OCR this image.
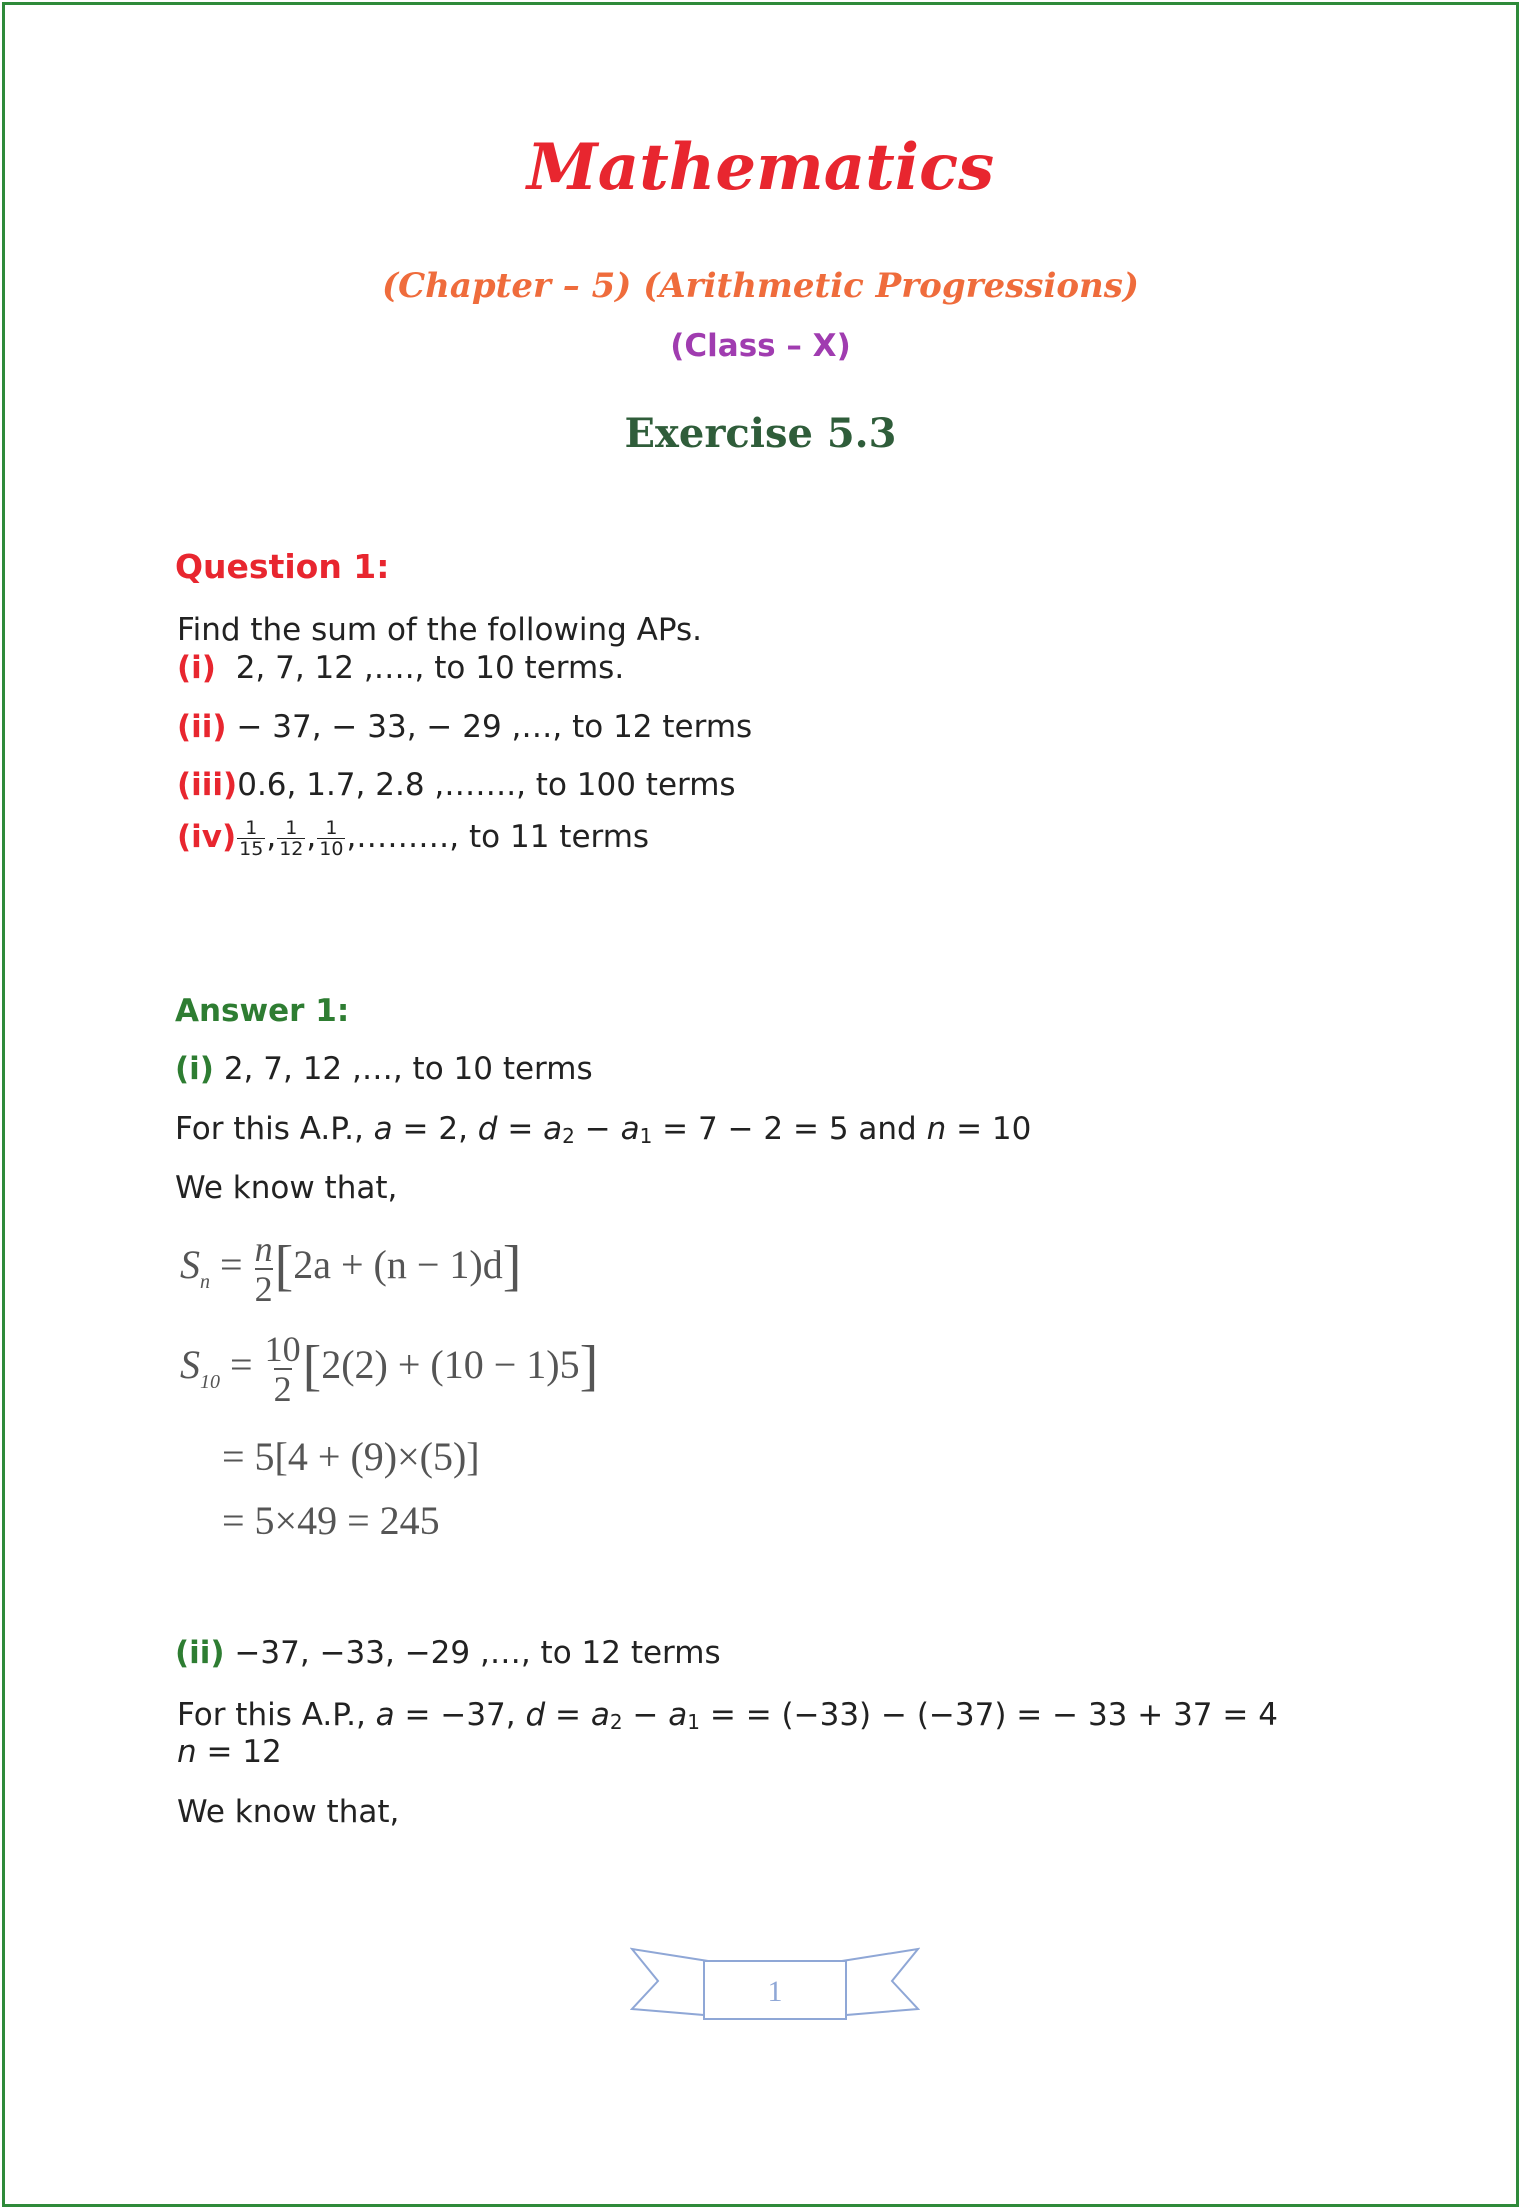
Mathematics
(Chapter – 5) (Arithmetic Progressions)
(Class – X)
Exercise 5.3
Question 1:
Find the sum of the following APs.
(i) 2, 7, 12 ,…., to 10 terms.
(ii) − 37, − 33, − 29 ,…, to 12 terms
(iii)0.6, 1.7, 2.8 ,……., to 100 terms
$(iv) \frac{1}{15}$ , $\frac{1}{12}$ , $\frac{1}{10}$ ,………, to 11 terms
Answer 1:
(i) 2, 7, 12 ,…, to 10 terms
For this A.P., a = 2, $d = a_2 - a_1 = 7 - 2 = 5$ and n = 10
We know that,
$S_n = \frac{n}{2} [2a + (n - 1)d]$
$S_{10} = \frac{10}{2} [2(2) + (10 - 1)5]$
= 5[4 + (9)×(5)]
= 5×49 = 245
(ii) −37, −33, −29 ,…, to 12 terms
For this A.P., a = −37, $d = a_2 - a_1$ = = (−33) − (−37) = − 33 + 37 = 4
n = 12
We know that,
1
